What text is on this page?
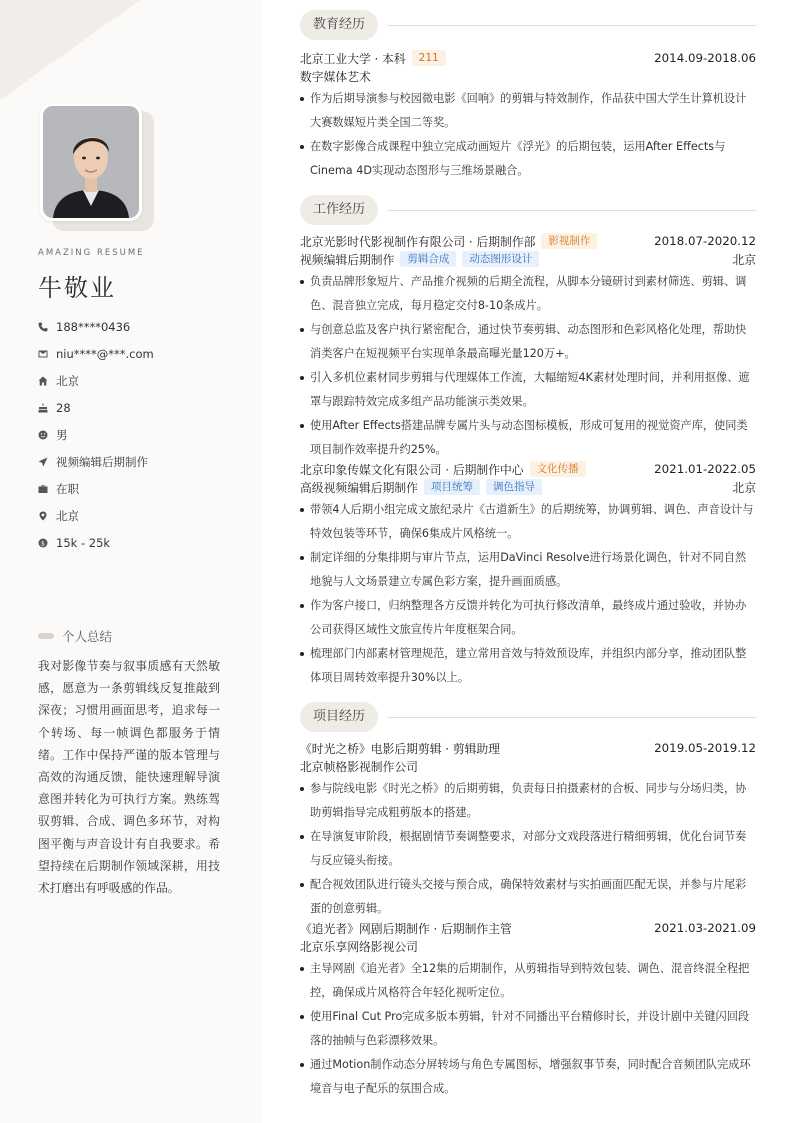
AMAZING RESUME
牛敬业
188****0436
niu****@***.com
北京
28
男
视频编辑后期制作
在职
北京
$ 15k - 25k
个人总结
我对影像节奏与叙事质感有天然敏感，愿意为一条剪辑线反复推敲到深夜；习惯用画面思考，追求每一个转场、每一帧调色都服务于情绪。工作中保持严谨的版本管理与高效的沟通反馈，能快速理解导演意图并转化为可执行方案。熟练驾驭剪辑、合成、调色多环节，对构图平衡与声音设计有自我要求。希望持续在后期制作领域深耕，用技术打磨出有呼吸感的作品。
教育经历
北京工业大学 · 本科	211	2014.09-2018.06
数字媒体艺术
作为后期导演参与校园微电影《回响》的剪辑与特效制作，作品获中国大学生计算机设计大赛数媒短片类全国二等奖。
在数字影像合成课程中独立完成动画短片《浮光》的后期包装，运用After Effects与Cinema 4D实现动态图形与三维场景融合。
工作经历
北京光影时代影视制作有限公司 · 后期制作部	影视制作	2018.07-2020.12
视频编辑后期制作	剪辑合成	动态图形设计	北京
负责品牌形象短片、产品推介视频的后期全流程，从脚本分镜研讨到素材筛选、剪辑、调色、混音独立完成，每月稳定交付8-10条成片。
与创意总监及客户执行紧密配合，通过快节奏剪辑、动态图形和色彩风格化处理，帮助快消类客户在短视频平台实现单条最高曝光量120万+。
引入多机位素材同步剪辑与代理媒体工作流，大幅缩短4K素材处理时间，并利用抠像、遮罩与跟踪特效完成多组产品功能演示类效果。
使用After Effects搭建品牌专属片头与动态图标模板，形成可复用的视觉资产库，使同类项目制作效率提升约25%。
北京印象传媒文化有限公司 · 后期制作中心	文化传播	2021.01-2022.05
高级视频编辑后期制作	项目统筹	调色指导	北京
带领4人后期小组完成文旅纪录片《古道新生》的后期统筹，协调剪辑、调色、声音设计与特效包装等环节，确保6集成片风格统一。
制定详细的分集排期与审片节点，运用DaVinci Resolve进行场景化调色，针对不同自然地貌与人文场景建立专属色彩方案，提升画面质感。
作为客户接口，归纳整理各方反馈并转化为可执行修改清单，最终成片通过验收，并协办公司获得区域性文旅宣传片年度框架合同。
梳理部门内部素材管理规范，建立常用音效与特效预设库，并组织内部分享，推动团队整体项目周转效率提升30%以上。
项目经历
《时光之桥》电影后期剪辑 · 剪辑助理	2019.05-2019.12
北京帧格影视制作公司
参与院线电影《时光之桥》的后期剪辑，负责每日拍摄素材的合板、同步与分场归类，协助剪辑指导完成粗剪版本的搭建。
在导演复审阶段，根据剧情节奏调整要求，对部分文戏段落进行精细剪辑，优化台词节奏与反应镜头衔接。
配合视效团队进行镜头交接与预合成，确保特效素材与实拍画面匹配无误，并参与片尾彩蛋的创意剪辑。
《追光者》网剧后期制作 · 后期制作主管	2021.03-2021.09
北京乐享网络影视公司
主导网剧《追光者》全12集的后期制作，从剪辑指导到特效包装、调色、混音终混全程把控，确保成片风格符合年轻化视听定位。
使用Final Cut Pro完成多版本剪辑，针对不同播出平台精修时长，并设计剧中关键闪回段落的抽帧与色彩漂移效果。
通过Motion制作动态分屏转场与角色专属图标，增强叙事节奏，同时配合音频团队完成环境音与电子配乐的氛围合成。
